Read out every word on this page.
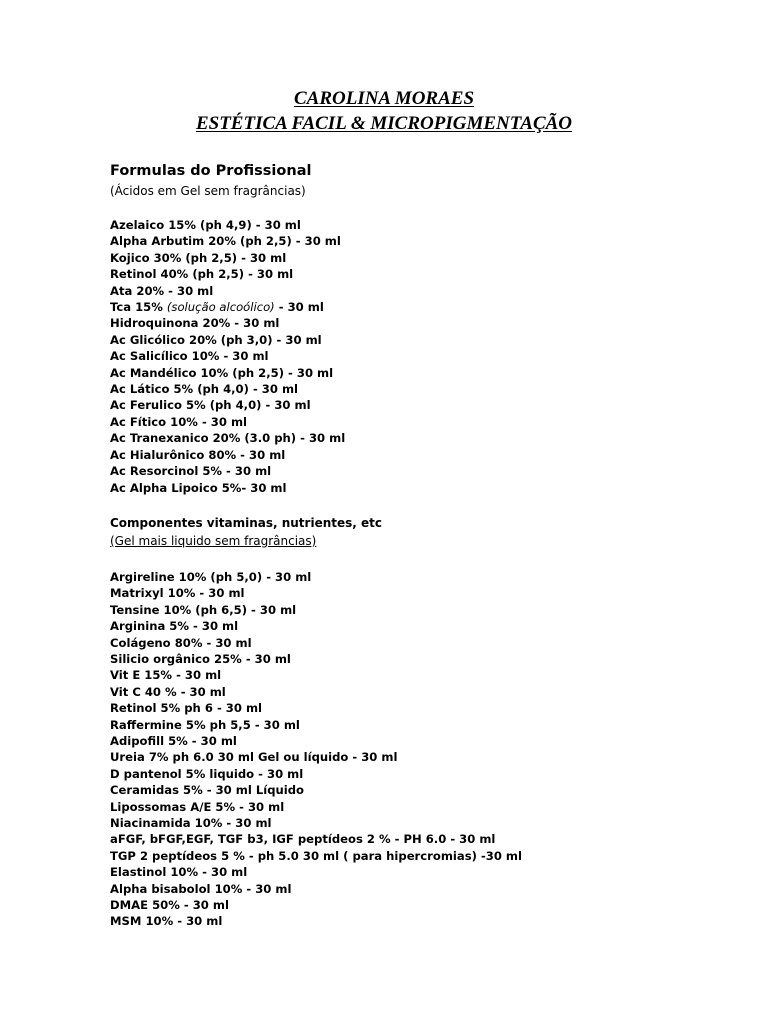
CAROLINA MORAES
ESTÉTICA FACIL & MICROPIGMENTAÇÃO

Formulas do Profissional

(Ácidos em Gel sem fragrâncias)

Azelaico 15% (ph 4,9) - 30 ml
Alpha Arbutim 20% (ph 2,5) - 30 ml
Kojico 30% (ph 2,5) - 30 ml
Retinol 40% (ph 2,5) - 30 ml
Ata 20% - 30 ml
Tca 15% (solução alcoólico) - 30 ml
Hidroquinona 20% - 30 ml
Ac Glicólico 20% (ph 3,0) - 30 ml
Ac Salicílico 10% - 30 ml
Ac Mandélico 10% (ph 2,5) - 30 ml
Ac Lático 5% (ph 4,0) - 30 ml
Ac Ferulico 5% (ph 4,0) - 30 ml
Ac Fítico 10% - 30 ml
Ac Tranexanico 20% (3.0 ph) - 30 ml
Ac Hialurônico 80% - 30 ml
Ac Resorcinol 5% - 30 ml
Ac Alpha Lipoico 5%- 30 ml

Componentes vitaminas, nutrientes, etc

(Gel mais liquido sem fragrâncias)

Argireline 10% (ph 5,0) - 30 ml
Matrixyl 10% - 30 ml
Tensine 10% (ph 6,5) - 30 ml
Arginina 5% - 30 ml
Colágeno 80% - 30 ml
Silicio orgânico 25% - 30 ml
Vit E 15% - 30 ml
Vit C 40 % - 30 ml
Retinol 5% ph 6 - 30 ml
Raffermine 5% ph 5,5 - 30 ml
Adipofill 5% - 30 ml
Ureia 7% ph 6.0 30 ml Gel ou líquido - 30 ml
D pantenol 5% liquido - 30 ml
Ceramidas 5% - 30 ml Líquido
Lipossomas A/E 5% - 30 ml
Niacinamida 10% - 30 ml
aFGF, bFGF,EGF, TGF b3, IGF peptídeos 2 % - PH 6.0 - 30 ml
TGP 2 peptídeos 5 % - ph 5.0 30 ml ( para hipercromias) -30 ml
Elastinol 10% - 30 ml
Alpha bisabolol 10% - 30 ml
DMAE 50% - 30 ml
MSM 10% - 30 ml
